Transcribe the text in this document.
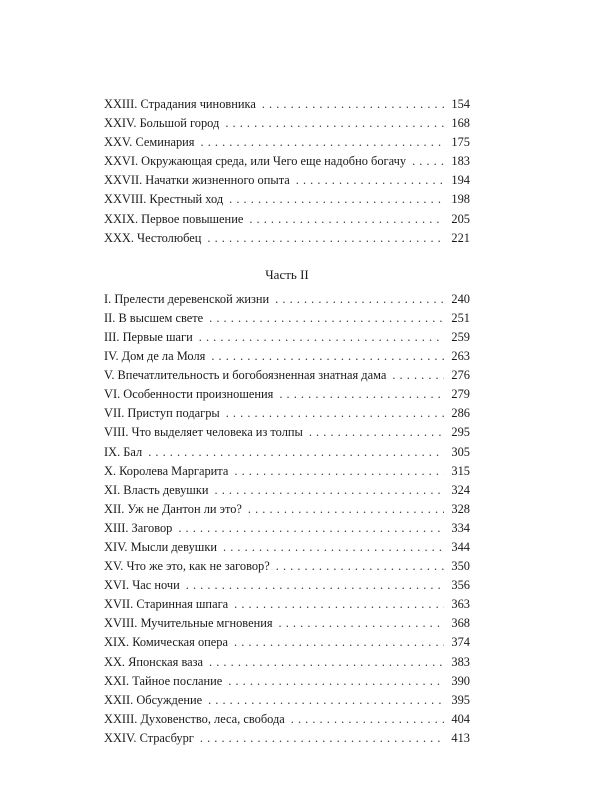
XXIII. Страдания чиновника . . .	154
XXIV. Большой город . . .	168
XXV. Семинария . . .	175
XXVI. Окружающая среда, или Чего еще надобно богачу . . .	183
XXVII. Начатки жизненного опыта . . .	194
XXVIII. Крестный ход . . .	198
XXIX. Первое повышение . . .	205
XXX. Честолюбец . . .	221
Часть II
I. Прелести деревенской жизни . . .	240
II. В высшем свете . . .	251
III. Первые шаги . . .	259
IV. Дом де ла Моля . . .	263
V. Впечатлительность и богобоязненная знатная дама . . .	276
VI. Особенности произношения . . .	279
VII. Приступ подагры . . .	286
VIII. Что выделяет человека из толпы . . .	295
IX. Бал . . .	305
X. Королева Маргарита . . .	315
XI. Власть девушки . . .	324
XII. Уж не Дантон ли это? . . .	328
XIII. Заговор . . .	334
XIV. Мысли девушки . . .	344
XV. Что же это, как не заговор? . . .	350
XVI. Час ночи . . .	356
XVII. Старинная шпага . . .	363
XVIII. Мучительные мгновения . . .	368
XIX. Комическая опера . . .	374
XX. Японская ваза . . .	383
XXI. Тайное послание . . .	390
XXII. Обсуждение . . .	395
XXIII. Духовенство, леса, свобода . . .	404
XXIV. Страсбург . . .	413
